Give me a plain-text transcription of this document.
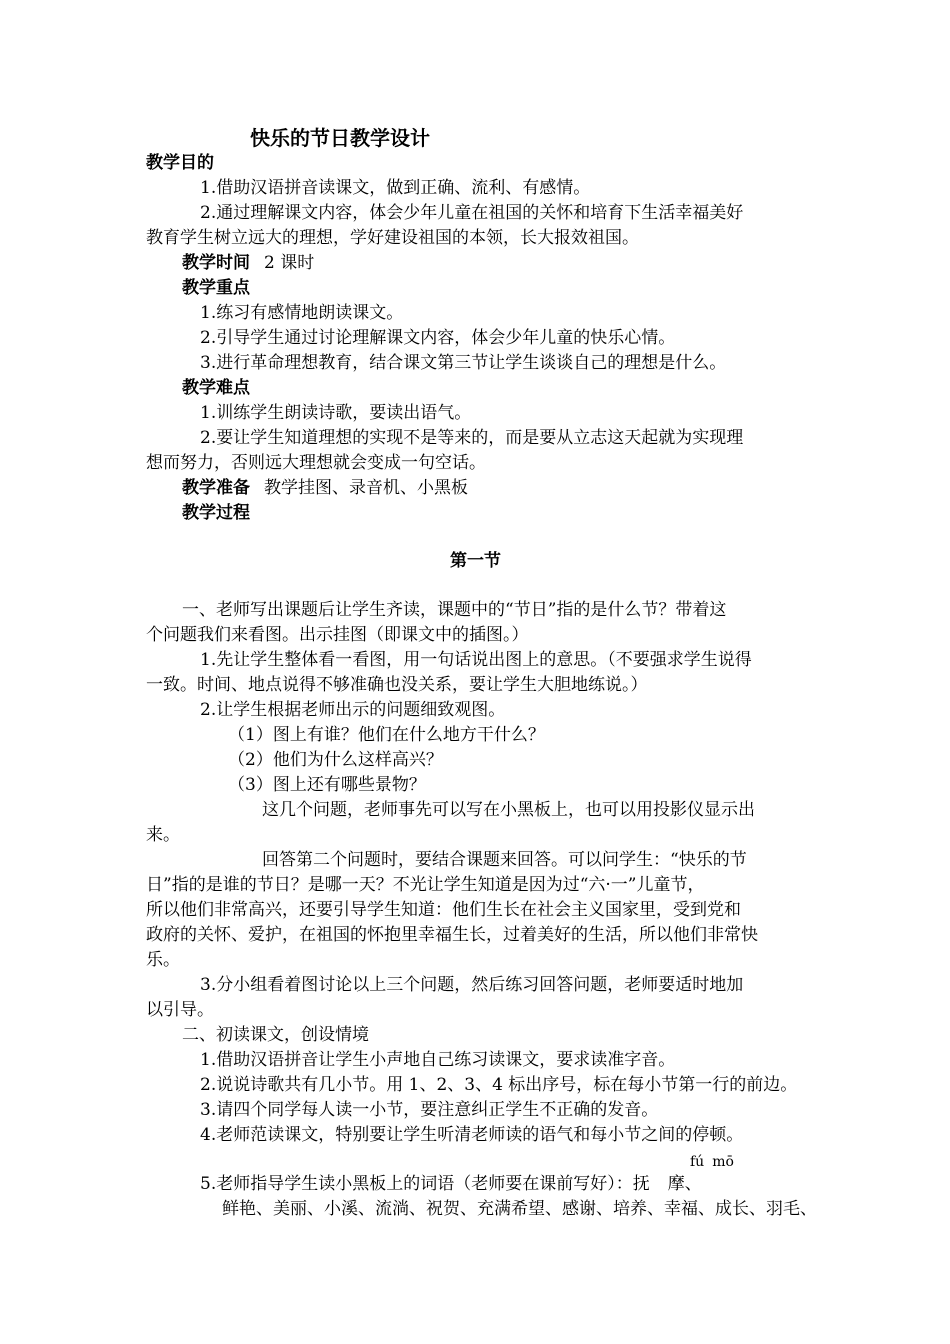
快乐的节日教学设计
教学目的
1.借助汉语拼音读课文，做到正确、流利、有感情。
2.通过理解课文内容，体会少年儿童在祖国的关怀和培育下生活幸福美好
教育学生树立远大的理想，学好建设祖国的本领，长大报效祖国。
教学时间 2 课时
教学重点
1.练习有感情地朗读课文。
2.引导学生通过讨论理解课文内容，体会少年儿童的快乐心情。
3.进行革命理想教育，结合课文第三节让学生谈谈自己的理想是什么。
教学难点
1.训练学生朗读诗歌，要读出语气。
2.要让学生知道理想的实现不是等来的，而是要从立志这天起就为实现理
想而努力，否则远大理想就会变成一句空话。
教学准备 教学挂图、录音机、小黑板
教学过程
第一节
一、老师写出课题后让学生齐读，课题中的“节日”指的是什么节？带着这
个问题我们来看图。出示挂图（即课文中的插图。）
1.先让学生整体看一看图，用一句话说出图上的意思。（不要强求学生说得
一致。时间、地点说得不够准确也没关系，要让学生大胆地练说。）
2.让学生根据老师出示的问题细致观图。
（1）图上有谁？他们在什么地方干什么？
（2）他们为什么这样高兴？
（3）图上还有哪些景物？
这几个问题，老师事先可以写在小黑板上，也可以用投影仪显示出
来。
回答第二个问题时，要结合课题来回答。可以问学生：“快乐的节
日”指的是谁的节日？是哪一天？不光让学生知道是因为过“六·一”儿童节，
所以他们非常高兴，还要引导学生知道：他们生长在社会主义国家里，受到党和
政府的关怀、爱护，在祖国的怀抱里幸福生长，过着美好的生活，所以他们非常快
乐。
3.分小组看着图讨论以上三个问题，然后练习回答问题，老师要适时地加
以引导。
二、初读课文，创设情境
1.借助汉语拼音让学生小声地自己练习读课文，要求读准字音。
2.说说诗歌共有几小节。用 1、2、3、4 标出序号，标在每小节第一行的前边。
3.请四个同学每人读一小节，要注意纠正学生不正确的发音。
4.老师范读课文，特别要让学生听清老师读的语气和每小节之间的停顿。
fú mō
5.老师指导学生读小黑板上的词语（老师要在课前写好）：抚 摩、
鲜艳、美丽、小溪、流淌、祝贺、充满希望、感谢、培养、幸福、成长、羽毛、
